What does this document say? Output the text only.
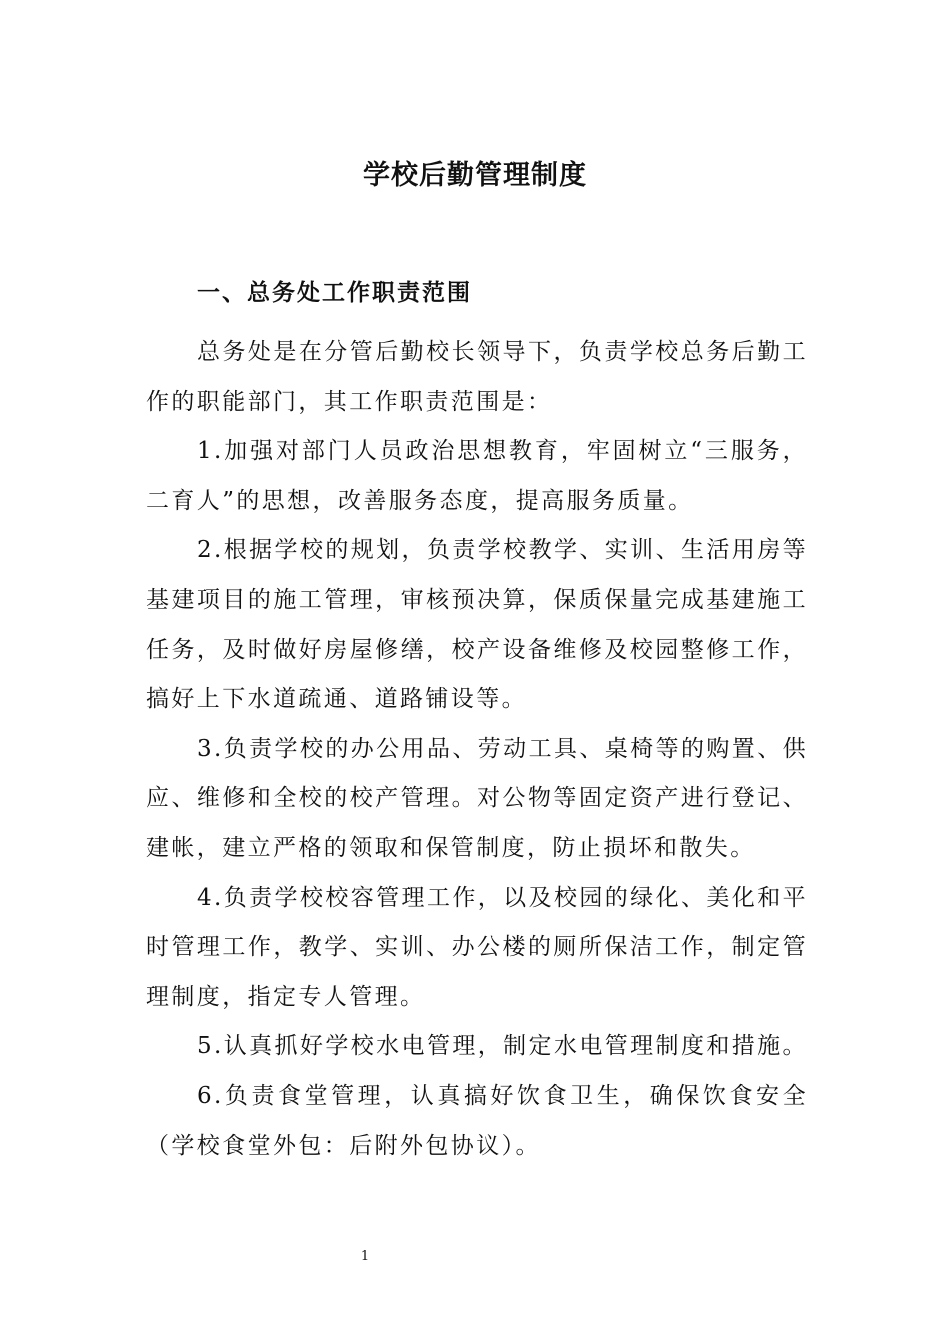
学校后勤管理制度
一、总务处工作职责范围

总务处是在分管后勤校长领导下，负责学校总务后勤工作的职能部门，其工作职责范围是：

1.加强对部门人员政治思想教育，牢固树立“三服务，二育人”的思想，改善服务态度，提高服务质量。

2.根据学校的规划，负责学校教学、实训、生活用房等基建项目的施工管理，审核预决算，保质保量完成基建施工任务，及时做好房屋修缮，校产设备维修及校园整修工作，搞好上下水道疏通、道路铺设等。

3.负责学校的办公用品、劳动工具、桌椅等的购置、供应、维修和全校的校产管理。对公物等固定资产进行登记、建帐，建立严格的领取和保管制度，防止损坏和散失。

4.负责学校校容管理工作，以及校园的绿化、美化和平时管理工作，教学、实训、办公楼的厕所保洁工作，制定管理制度，指定专人管理。

5.认真抓好学校水电管理，制定水电管理制度和措施。

6.负责食堂管理，认真搞好饮食卫生，确保饮食安全（学校食堂外包：后附外包协议）。

1
